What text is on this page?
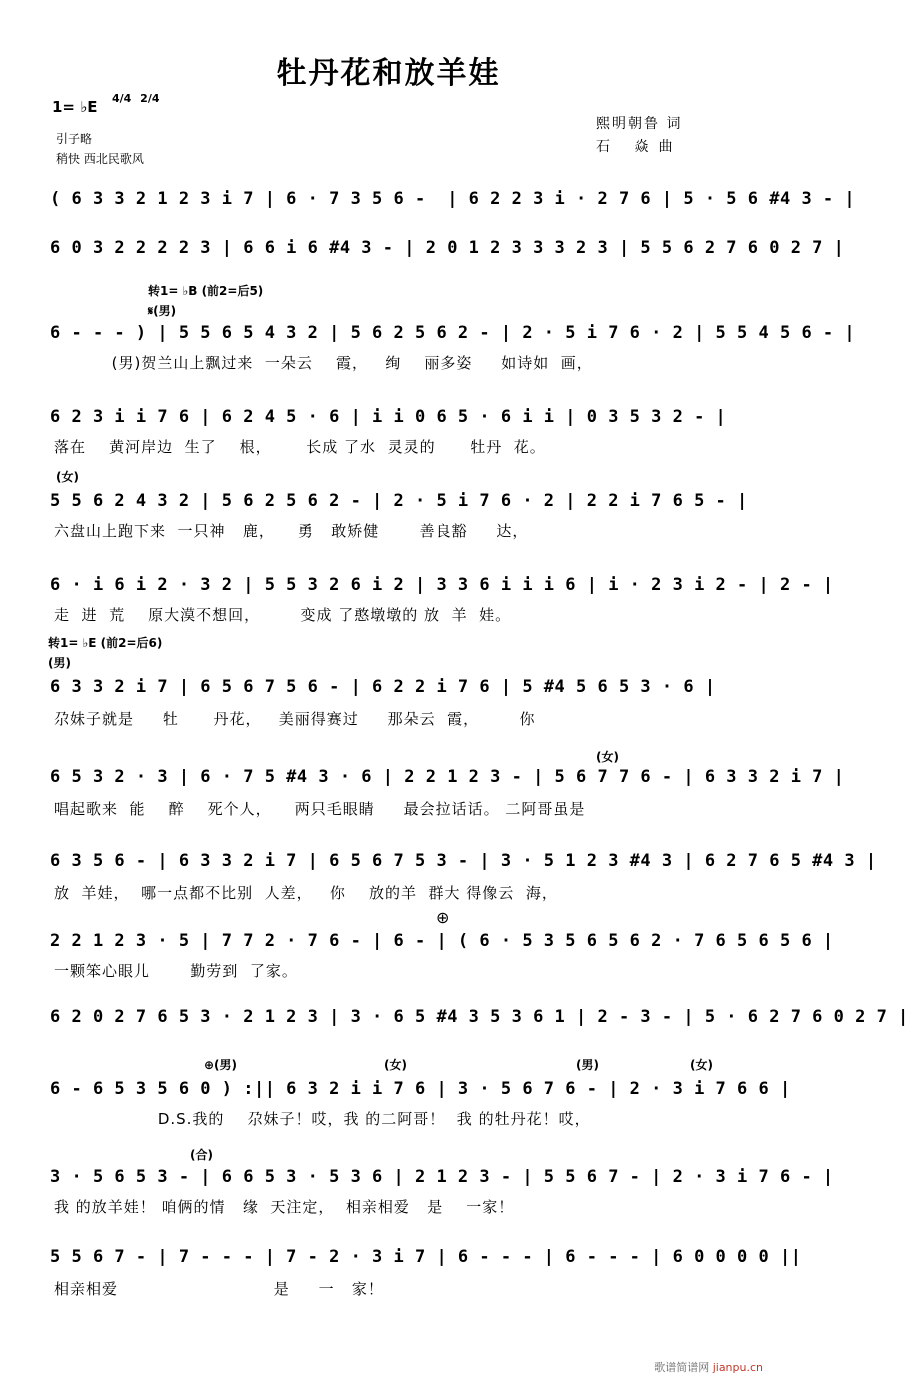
牡丹花和放羊娃
1= ♭E 4/4 2/4
引子略
稍快 西北民歌风
熙明朝鲁 词
石 焱曲
( 6 3 3 2 1 2 3 i 7 | 6 · 7 3 5 6 -  | 6 2 2 3 i · 2 7 6 | 5 · 5 6 #4 3 - |
6 0 3 2 2 2 2 3 | 6 6 i 6 #4 3 - | 2 0 1 2 3 3 3 2 3 | 5 5 6 2 7 6 0 2 7 |
转1= ♭B (前2=后5)
𝄋(男)
6 - - - ) | 5 5 6 5 4 3 2 | 5 6 2 5 6 2 - | 2 · 5 i 7 6 · 2 | 5 5 4 5 6 - |
(男)贺兰山上飘过来  一朵云    霞，   绚    丽多姿     如诗如  画，
6 2 3 i i 7 6 | 6 2 4 5 · 6 | i i 0 6 5 · 6 i i | 0 3 5 3 2 - |
落在    黄河岸边  生了    根，      长成 了水  灵灵的      牡丹  花。
(女)
5 5 6 2 4 3 2 | 5 6 2 5 6 2 - | 2 · 5 i 7 6 · 2 | 2 2 i 7 6 5 - |
六盘山上跑下来  一只神   鹿，    勇   敢矫健       善良豁     达，
6 · i 6 i 2 · 3 2 | 5 5 3 2 6 i 2 | 3 3 6 i i i 6 | i · 2 3 i 2 - | 2 - |
走  进  荒    原大漠不想回，       变成 了憨墩墩的 放  羊  娃。
转1= ♭E (前2=后6)
(男)
6 3 3 2 i 7 | 6 5 6 7 5 6 - | 6 2 2 i 7 6 | 5 #4 5 6 5 3 · 6 |
尕妹子就是     牡      丹花，   美丽得赛过     那朵云  霞，       你
(女)
6 5 3 2 · 3 | 6 · 7 5 #4 3 · 6 | 2 2 1 2 3 - | 5 6 7 7 6 - | 6 3 3 2 i 7 |
唱起歌来  能    醉    死个人，    两只毛眼睛     最会拉话话。 二阿哥虽是
6 3 5 6 - | 6 3 3 2 i 7 | 6 5 6 7 5 3 - | 3 · 5 1 2 3 #4 3 | 6 2 7 6 5 #4 3 |
放  羊娃，  哪一点都不比别  人差，   你    放的羊  群大 得像云  海，
⊕
2 2 1 2 3 · 5 | 7 7 2 · 7 6 - | 6 - | ( 6 · 5 3 5 6 5 6 2 · 7 6 5 6 5 6 |
一颗笨心眼儿       勤劳到  了家。
6 2 0 2 7 6 5 3 · 2 1 2 3 | 3 · 6 5 #4 3 5 3 6 1 | 2 - 3 - | 5 · 6 2 7 6 0 2 7 |
⊕(男)	(女)	(男)	(女)
6 - 6 5 3 5 6 0 ) :|| 6 3 2 i i 7 6 | 3 · 5 6 7 6 - | 2 · 3 i 7 6 6 |
D.S.我的    尕妹子！哎，我 的二阿哥！  我 的牡丹花！哎，
(合)
3 · 5 6 5 3 - | 6 6 5 3 · 5 3 6 | 2 1 2 3 - | 5 5 6 7 - | 2 · 3 i 7 6 - |
我 的放羊娃！ 咱俩的情   缘  天注定，  相亲相爱   是    一家！
5 5 6 7 - | 7 - - - | 7 - 2 · 3 i 7 | 6 - - - | 6 - - - | 6 0 0 0 0 ||
相亲相爱                           是     一   家！
歌谱简谱网 jianpu.cn
